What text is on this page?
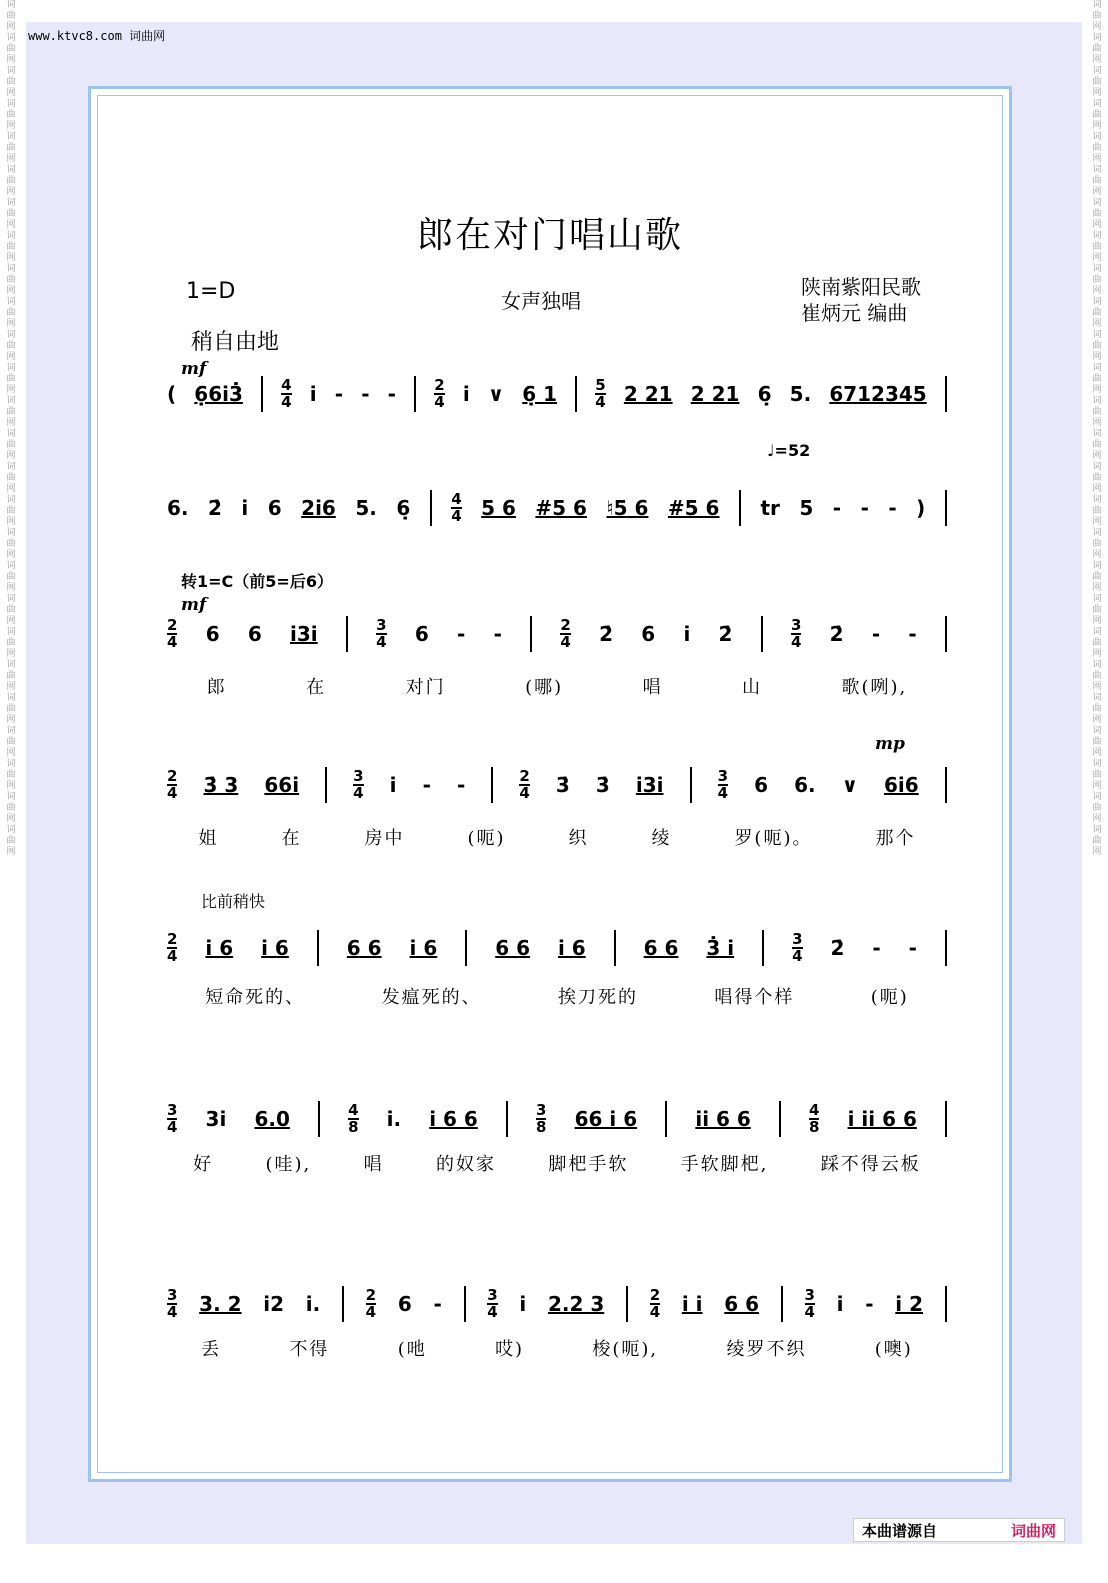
词
曲
网
词
曲
网
词
曲
网
词
曲
网
词
曲
网
词
曲
网
词
曲
网
词
曲
网
词
曲
网
词
曲
网
词
曲
网
词
曲
网
词
曲
网
词
曲
网
词
曲
网
词
曲
网
词
曲
网
词
曲
网
词
曲
网
词
曲
网
词
曲
网
词
曲
网
词
曲
网
词
曲
网
词
曲
网
词
曲
网
词
曲
网
词
曲
网
词
曲
网
词
曲
网
词
曲
网
词
曲
网
词
曲
网
词
曲
网
词
曲
网
词
曲
网
词
曲
网
词
曲
网
词
曲
网
词
曲
网
词
曲
网
词
曲
网
词
曲
网
词
曲
网
词
曲
网
词
曲
网
词
曲
网
词
曲
网
词
曲
网
词
曲
网
词
曲
网
词
曲
网
www.ktvc8.com 词曲网
郎在对门唱山歌
1=D	女声独唱
陕南紫阳民歌
崔炳元 编曲
稍自由地
mf
( 6̣6i3̇	4
4 i - - -	2
4 i ∨ 6̣ 1	5
4 2 21 2 21 6̣ 5. 6712345
♩=52
6. 2̇ i 6 2i6 5. 6̣	4
4 5 6 #5 6 ♮5 6 #5 6 tr 5 - - - )
转1=C（前5=后6）
mf
2
4 6 6 i3i	3
4 6 - -	2
4 2̇ 6 i 2̇	3
4 2̇ - -
郎	在	对门	(哪)	唱	山	歌(咧),
mp
2
4 3̇ 3 66i	3
4 i - -	2
4 3̇ 3̇ i3i	3
4 6 6. ∨ 6i6
姐	在	房中	(呃)	织	绫	罗(呃)。	那个
比前稍快
2
4 i 6 i 6	6 6 i 6	6 6 i 6	6 6 3̇ i	3
4 2̇ - -
短命死的、	发瘟死的、	挨刀死的	唱得个样	(呃)
3
4 3i 6.0	4
8 i. i 6 6	3
8 66 i 6	ii 6 6	4
8 i ii 6 6
好	(哇),	唱	的奴家	脚杷手软	手软脚杷,	踩不得云板
3
4 3. 2 i2 i.	2
4 6 -	3
4 i 2.2 3	2
4 i i 6 6	3
4 i - i 2
丢	不得	(吔	哎)	梭(呃),	绫罗不织	(噢)
本曲谱源自	词曲网
